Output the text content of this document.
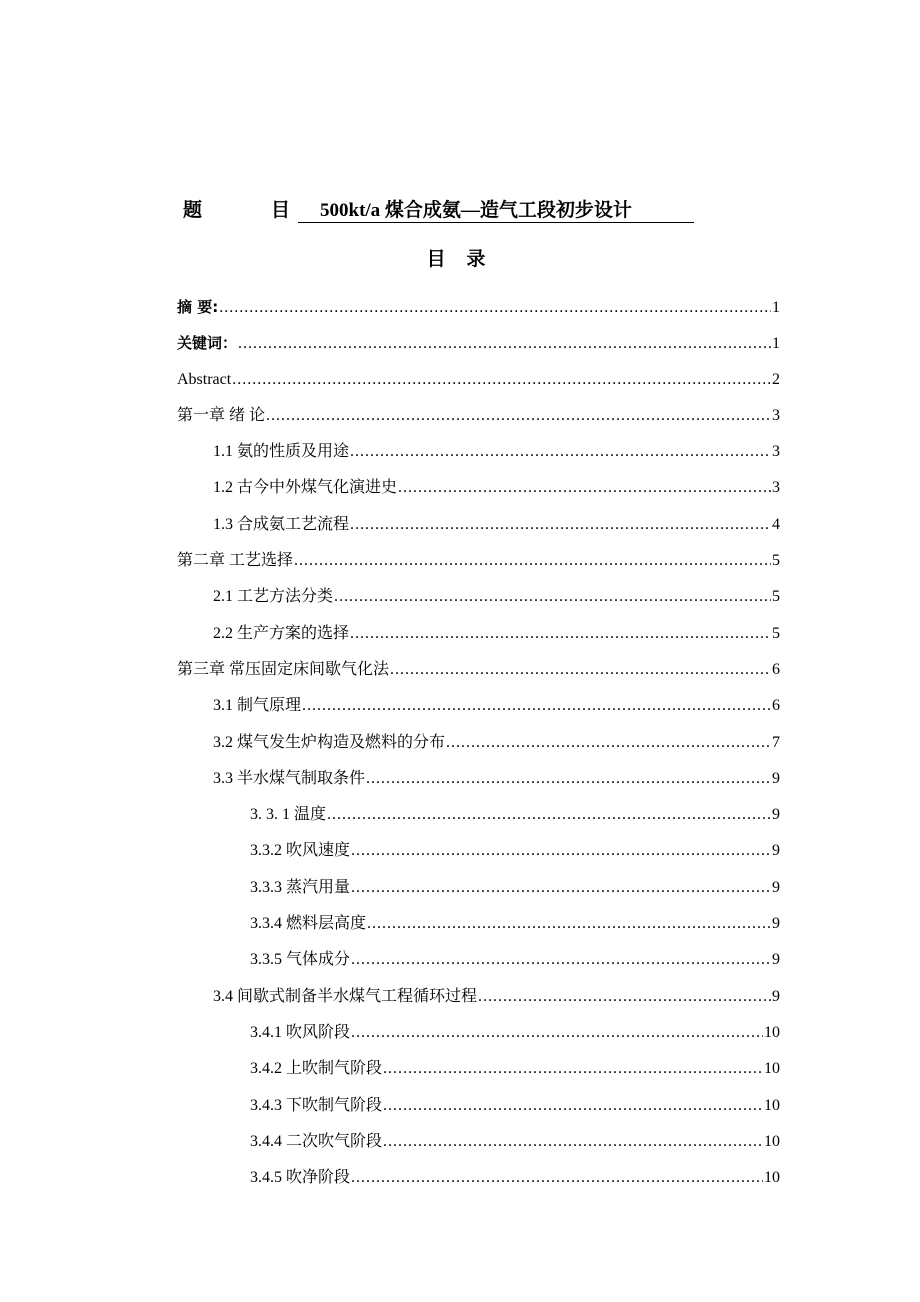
题	目	500kt/a 煤合成氨—造气工段初步设计
目 录
摘 要: .....	1
关键词： .....	1
Abstract .....	2
第一章 绪 论 .....	3
1.1 氨的性质及用途 .....	3
1.2 古今中外煤气化演进史 .....	3
1.3 合成氨工艺流程 .....	4
第二章 工艺选择 .....	5
2.1 工艺方法分类 .....	5
2.2 生产方案的选择 .....	5
第三章 常压固定床间歇气化法 .....	6
3.1 制气原理 .....	6
3.2 煤气发生炉构造及燃料的分布 .....	7
3.3 半水煤气制取条件 .....	9
3. 3. 1 温度 .....	9
3.3.2 吹风速度 .....	9
3.3.3 蒸汽用量 .....	9
3.3.4 燃料层高度 .....	9
3.3.5 气体成分 .....	9
3.4 间歇式制备半水煤气工程循环过程 .....	9
3.4.1 吹风阶段 .....	10
3.4.2 上吹制气阶段 .....	10
3.4.3 下吹制气阶段 .....	10
3.4.4 二次吹气阶段 .....	10
3.4.5 吹净阶段 .....	10
